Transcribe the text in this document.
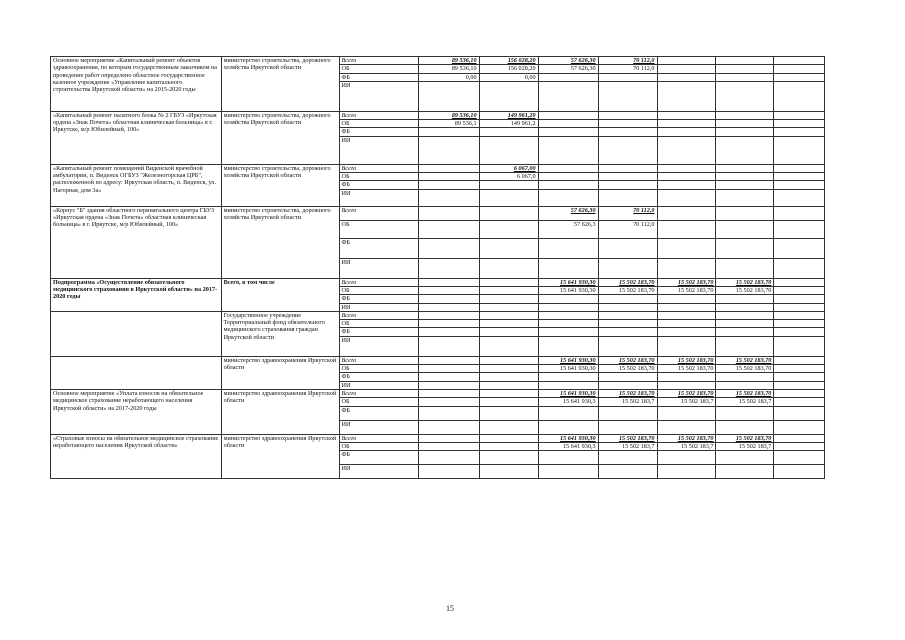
Основное мероприятие «Капитальный ремонт объектов здравоохранения, по которым государственным заказчиком на проведение работ определено областное государственное казенное учреждение «Управление капитального строительства Иркутской области» на 2015-2020 годы	министерство строительства, дорожного хозяйства Иркутской области	Всего	89 536,10	156 028,20	57 626,30	70 112,0			
		ОБ	89 536,10	156 028,20	57 626,30	70 112,0			
		ФБ	0,00	0,00					
		ИИ							
«Капитальный ремонт палатного блока № 2 ГБУЗ «Иркутская ордена «Знак Почета» областная клиническая больница» в г. Иркутске, м/р Юбилейный, 100»	министерство строительства, дорожного хозяйства Иркутской области	Всего	89 536,10	149 961,20					
		ОБ	89 536,1	149 961,2					
		ФБ							
		ИИ							
«Капитальный ремонт помещений Виденской врачебной амбулатории, п. Виденск ОГБУЗ "Железногорская ЦРБ", расположенной по адресу: Иркутская область, п. Виденск, ул. Нагорная, дом 3а»	министерство строительства, дорожного хозяйства Иркутской области	Всего		6 067,00					
		ОБ		6 067,0					
		ФБ							
		ИИ							
«Корпус "Б" здания областного перинатального центра ГБУЗ «Иркутская ордена «Знак Почета» областная клиническая больница» в г. Иркутске, м/р Юбилейный, 100»	министерство строительства, дорожного хозяйства Иркутской области	Всего			57 626,30	70 112,0			
		ОБ			57 626,3	70 112,0			
		ФБ							
		ИИ							
Подпрограмма «Осуществление обязательного медицинского страхования в Иркутской области» на 2017-2020 годы	Всего, в том числе	Всего			15 641 930,30	15 502 183,70	15 502 183,70	15 502 183,70	
		ОБ			15 641 930,30	15 502 183,70	15 502 183,70	15 502 183,70	
		ФБ							
		ИИ							
	Государственное учреждение Территориальный фонд обязательного медицинского страхования граждан Иркутской области	Всего							
		ОБ							
		ФБ							
		ИИ							
	министерство здравоохранения Иркутской области	Всего			15 641 930,30	15 502 183,70	15 502 183,70	15 502 183,70	
		ОБ			15 641 930,30	15 502 183,70	15 502 183,70	15 502 183,70	
		ФБ							
		ИИ							
Основное мероприятие «Уплата взносов на обязательное медицинское страхование неработающего населения Иркутской области» на 2017-2020 годы	министерство здравоохранения Иркутской области	Всего			15 641 930,30	15 502 183,70	15 502 183,70	15 502 183,70	
		ОБ			15 641 930,3	15 502 183,7	15 502 183,7	15 502 183,7	
		ФБ							
		ИИ							
«Страховые взносы на обязательное медицинское страхование неработающего населения Иркутской области»	министерство здравоохранения Иркутской области	Всего			15 641 930,30	15 502 183,70	15 502 183,70	15 502 183,70	
		ОБ			15 641 930,3	15 502 183,7	15 502 183,7	15 502 183,7	
		ФБ							
		ИИ							
15
